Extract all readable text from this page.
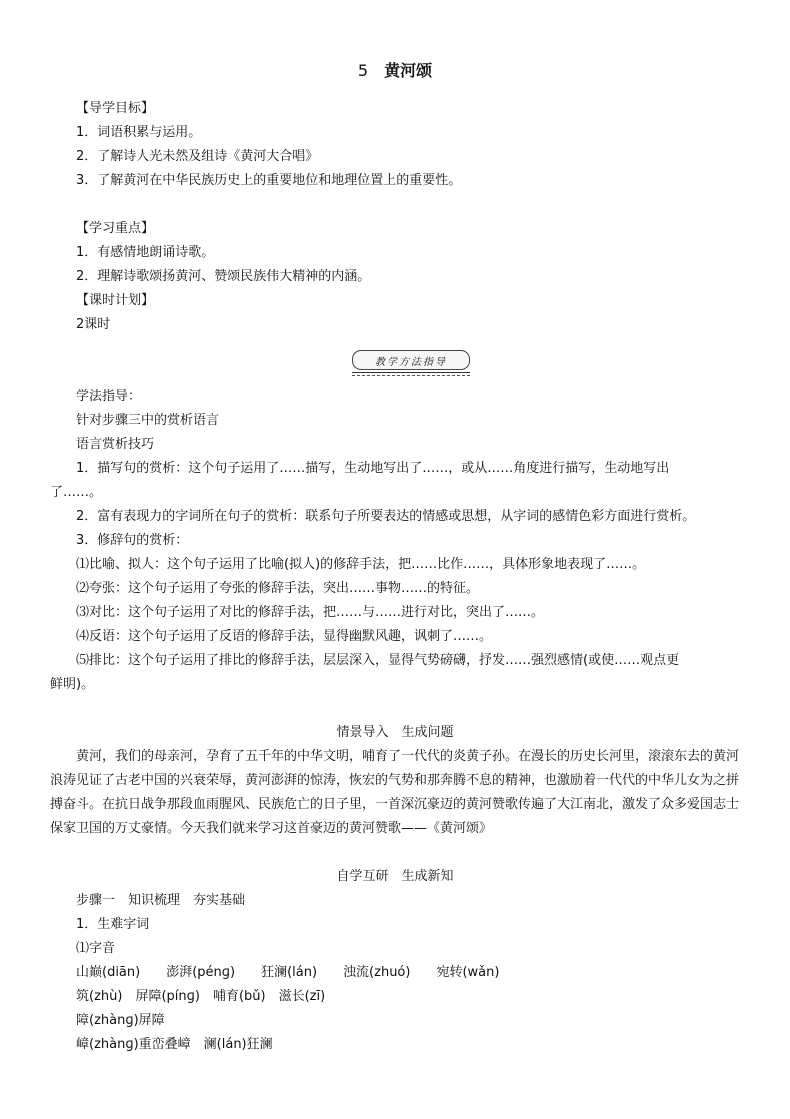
5 黄河颂
【导学目标】
1．词语积累与运用。
2．了解诗人光未然及组诗《黄河大合唱》
3．了解黄河在中华民族历史上的重要地位和地理位置上的重要性。
【学习重点】
1．有感情地朗诵诗歌。
2．理解诗歌颂扬黄河、赞颂民族伟大精神的内涵。
【课时计划】
2课时
教学方法指导
学法指导：
针对步骤三中的赏析语言
语言赏析技巧
1．描写句的赏析：这个句子运用了……描写，生动地写出了……，或从……角度进行描写，生动地写出
了……。
2．富有表现力的字词所在句子的赏析：联系句子所要表达的情感或思想，从字词的感情色彩方面进行赏析。
3．修辞句的赏析：
⑴比喻、拟人：这个句子运用了比喻(拟人)的修辞手法，把……比作……，具体形象地表现了……。
⑵夸张：这个句子运用了夸张的修辞手法，突出……事物……的特征。
⑶对比：这个句子运用了对比的修辞手法，把……与……进行对比，突出了……。
⑷反语：这个句子运用了反语的修辞手法，显得幽默风趣，讽刺了……。
⑸排比：这个句子运用了排比的修辞手法，层层深入，显得气势磅礴，抒发……强烈感情(或使……观点更
鲜明)。
情景导入　生成问题
黄河，我们的母亲河，孕育了五千年的中华文明，哺育了一代代的炎黄子孙。在漫长的历史长河里，滚滚东去的黄河浪涛见证了古老中国的兴衰荣辱，黄河澎湃的惊涛，恢宏的气势和那奔腾不息的精神，也激励着一代代的中华儿女为之拼搏奋斗。在抗日战争那段血雨腥风、民族危亡的日子里，一首深沉豪迈的黄河赞歌传遍了大江南北，激发了众多爱国志士保家卫国的万丈豪情。今天我们就来学习这首豪迈的黄河赞歌——《黄河颂》
自学互研　生成新知
步骤一　知识梳理　夯实基础
1．生难字词
⑴字音
山巅(diān)　　澎湃(pénɡ)　　狂澜(lán)　　浊流(zhuó)　　宛转(wǎn)
筑(zhù)　屏障(pínɡ)　哺育(bǔ)　滋长(zī)
障(zhànɡ)屏障
嶂(zhànɡ)重峦叠嶂　澜(lán)狂澜
